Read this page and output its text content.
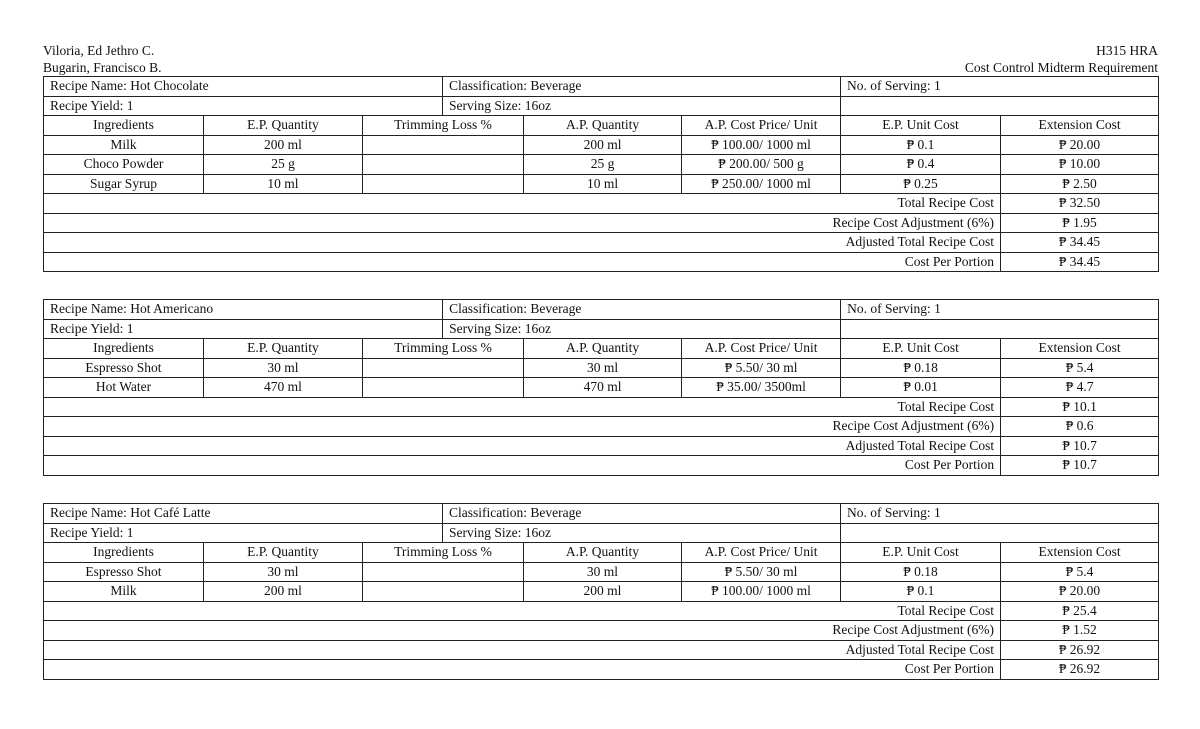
Viloria, Ed Jethro C.	H315 HRA
Bugarin, Francisco B.	Cost Control Midterm Requirement
Recipe Name: Hot Chocolate			Classification: Beverage			No. of Serving: 1	
Recipe Yield: 1			Serving Size: 16oz				
Ingredients	E.P. Quantity	Trimming Loss %		A.P. Quantity	A.P. Cost Price/ Unit	E.P. Unit Cost	Extension Cost
Milk	200 ml			200 ml	₱ 100.00/ 1000 ml	₱ 0.1	₱ 20.00
Choco Powder	25 g			25 g	₱ 200.00/ 500 g	₱ 0.4	₱ 10.00
Sugar Syrup	10 ml			10 ml	₱ 250.00/ 1000 ml	₱ 0.25	₱ 2.50
Total Recipe Cost							₱ 32.50
Recipe Cost Adjustment (6%)							₱ 1.95
Adjusted Total Recipe Cost							₱ 34.45
Cost Per Portion							₱ 34.45
Recipe Name: Hot Americano			Classification: Beverage			No. of Serving: 1	
Recipe Yield: 1			Serving Size: 16oz				
Ingredients	E.P. Quantity	Trimming Loss %		A.P. Quantity	A.P. Cost Price/ Unit	E.P. Unit Cost	Extension Cost
Espresso Shot	30 ml			30 ml	₱ 5.50/ 30 ml	₱ 0.18	₱ 5.4
Hot Water	470 ml			470 ml	₱ 35.00/ 3500ml	₱ 0.01	₱ 4.7
Total Recipe Cost							₱ 10.1
Recipe Cost Adjustment (6%)							₱ 0.6
Adjusted Total Recipe Cost							₱ 10.7
Cost Per Portion							₱ 10.7
Recipe Name: Hot Café Latte			Classification: Beverage			No. of Serving: 1	
Recipe Yield: 1			Serving Size: 16oz				
Ingredients	E.P. Quantity	Trimming Loss %		A.P. Quantity	A.P. Cost Price/ Unit	E.P. Unit Cost	Extension Cost
Espresso Shot	30 ml			30 ml	₱ 5.50/ 30 ml	₱ 0.18	₱ 5.4
Milk	200 ml			200 ml	₱ 100.00/ 1000 ml	₱ 0.1	₱ 20.00
Total Recipe Cost							₱ 25.4
Recipe Cost Adjustment (6%)							₱ 1.52
Adjusted Total Recipe Cost							₱ 26.92
Cost Per Portion							₱ 26.92
